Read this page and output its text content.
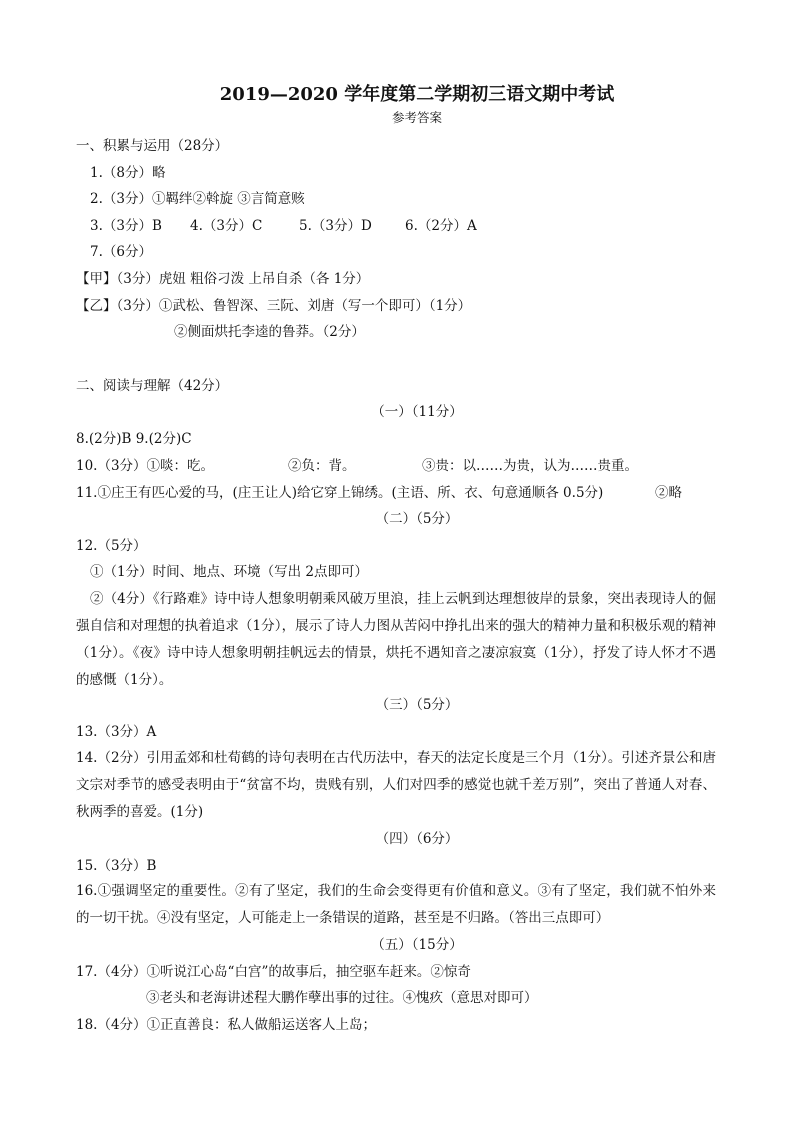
2019—2020 学年度第二学期初三语文期中考试
参考答案
一、积累与运用（28分）
1.（8分）略
2.（3分）①羁绊②斡旋 ③言简意赅
3.（3分）B 4.（3分）C	5.（3分）D 6.（2分）A
7.（6分）
【甲】（3分）虎妞 粗俗刁泼 上吊自杀（各 1分）
【乙】（3分）①武松、鲁智深、三阮、刘唐（写一个即可）（1分）
②侧面烘托李逵的鲁莽。（2分）
二、阅读与理解（42分）
（一）（11分）
8.(2分)B 9.(2分)C
10.（3分）①啖：吃。	②负：背。	③贵：以……为贵，认为……贵重。
11.①庄王有匹心爱的马，(庄王让人)给它穿上锦绣。(主语、所、衣、句意通顺各 0.5分)	②略
（二）（5分）
12.（5分）
①（1分）时间、地点、环境（写出 2点即可）
②（4分）《行路难》诗中诗人想象明朝乘风破万里浪，挂上云帆到达理想彼岸的景象，突出表现诗人的倔强自信和对理想的执着追求（1分），展示了诗人力图从苦闷中挣扎出来的强大的精神力量和积极乐观的精神（1分）。《夜》诗中诗人想象明朝挂帆远去的情景，烘托不遇知音之凄凉寂寞（1分），抒发了诗人怀才不遇的感慨（1分）。
（三）（5分）
13.（3分）A
14.（2分）引用孟郊和杜荀鹤的诗句表明在古代历法中，春天的法定长度是三个月（1分）。引述齐景公和唐文宗对季节的感受表明由于“贫富不均，贵贱有别，人们对四季的感觉也就千差万别”，突出了普通人对春、秋两季的喜爱。(1分)
（四）（6分）
15.（3分）B
16.①强调坚定的重要性。②有了坚定，我们的生命会变得更有价值和意义。③有了坚定，我们就不怕外来的一切干扰。④没有坚定，人可能走上一条错误的道路，甚至是不归路。（答出三点即可）
（五）（15分）
17.（4分）①听说江心岛“白宫”的故事后，抽空驱车赶来。②惊奇
③老头和老海讲述程大鹏作孽出事的过往。④愧疚（意思对即可）
18.（4分）①正直善良：私人做船运送客人上岛；
